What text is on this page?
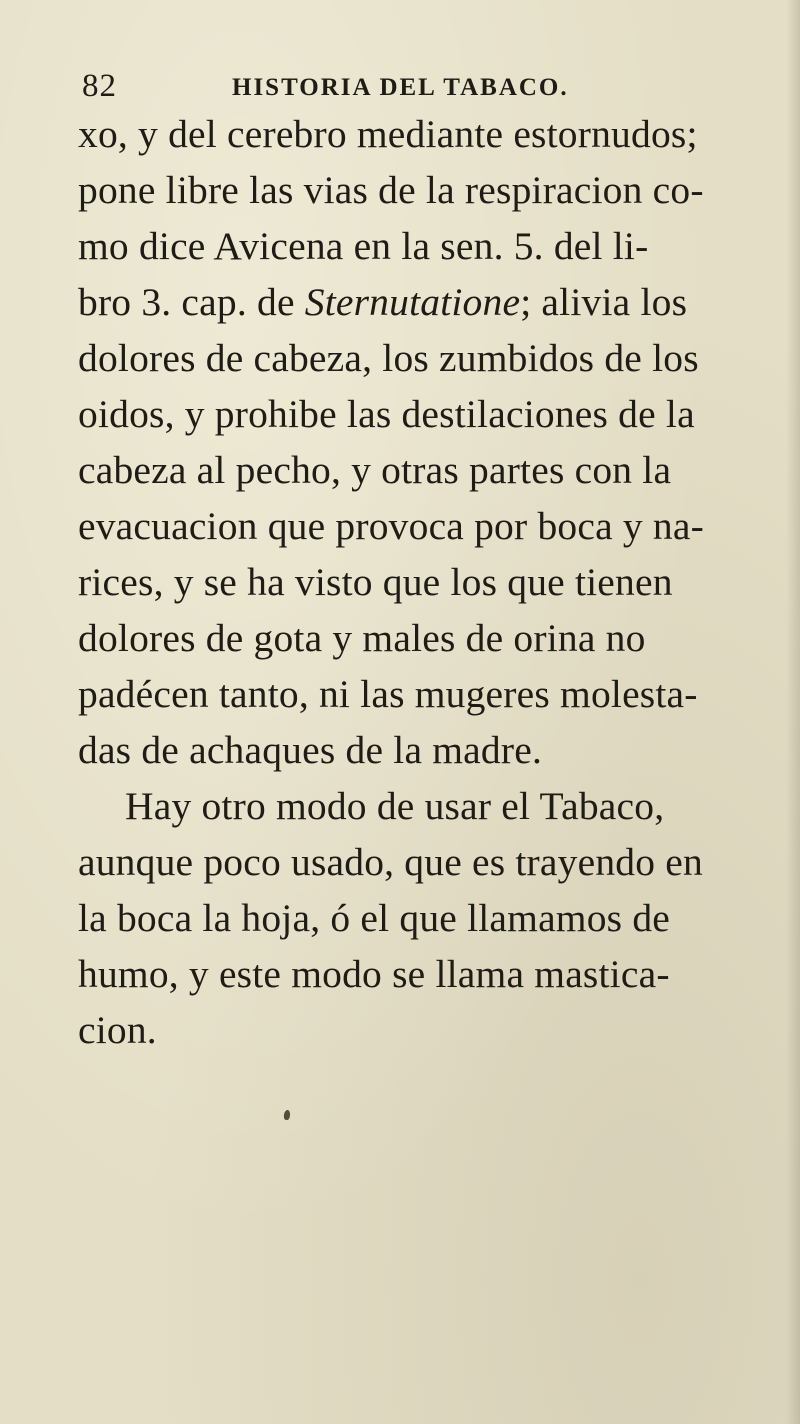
82	HISTORIA DEL TABACO.
xo, y del cerebro mediante estornudos;
pone libre las vias de la respiracion co-
mo dice Avicena en la sen. 5. del li-
bro 3. cap. de Sternutatione; alivia los
dolores de cabeza, los zumbidos de los
oidos, y prohibe las destilaciones de la
cabeza al pecho, y otras partes con la
evacuacion que provoca por boca y na-
rices, y se ha visto que los que tienen
dolores de gota y males de orina no
padécen tanto, ni las mugeres molesta-
das de achaques de la madre.
Hay otro modo de usar el Tabaco,
aunque poco usado, que es trayendo en
la boca la hoja, ó el que llamamos de
humo, y este modo se llama mastica-
cion.
